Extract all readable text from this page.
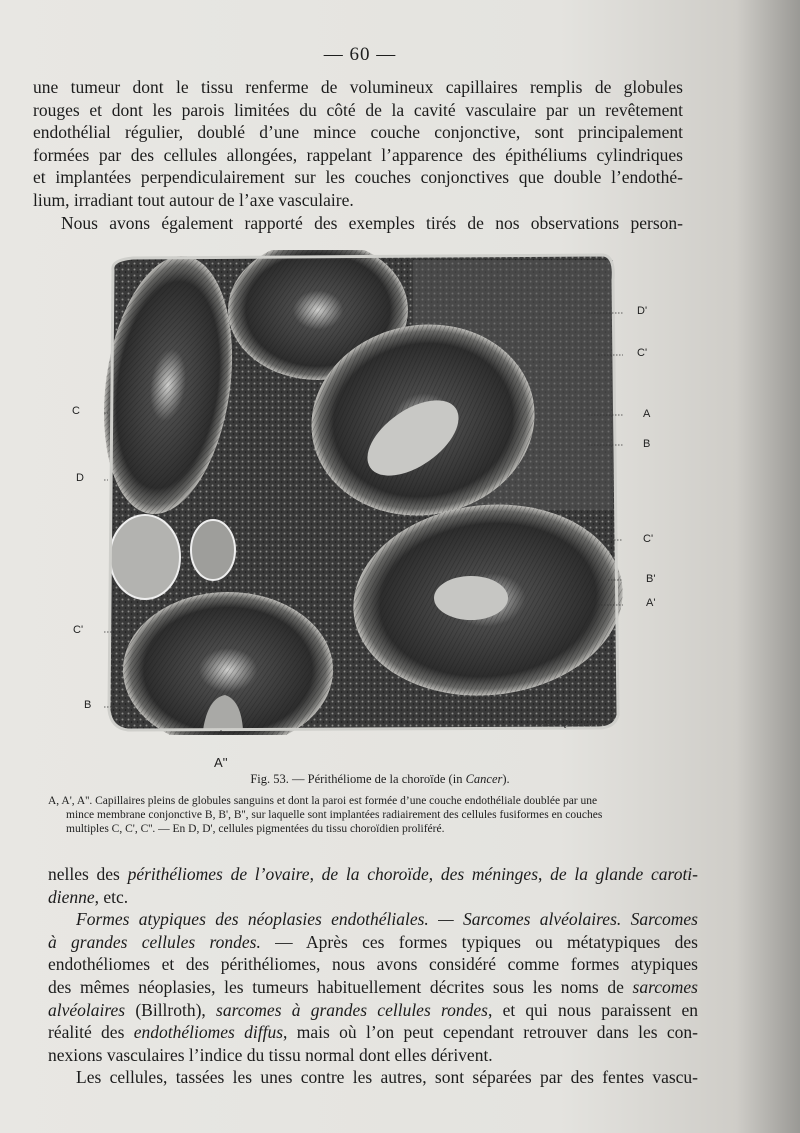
— 60 —
une tumeur dont le tissu renferme de volumineux capillaires remplis de globules
rouges et dont les parois limitées du côté de la cavité vasculaire par un revêtement
endothélial régulier, doublé d’une mince couche conjonctive, sont principalement
formées par des cellules allongées, rappelant l’apparence des épithéliums cylindriques
et implantées perpendiculairement sur les couches conjonctives que double l’endothé-
lium, irradiant tout autour de l’axe vasculaire.
Nous avons également rapporté des exemples tirés de nos observations person-
D'
C'
A
B
C'
B'
A'
C
D
C'
B
A''
A.COQUELIN.
Fig. 53. — Périthéliome de la choroïde (in Cancer).
A, A', A''. Capillaires pleins de globules sanguins et dont la paroi est formée d’une couche endothéliale doublée par une
mince membrane conjonctive B, B', B'', sur laquelle sont implantées radiairement des cellules fusiformes en couches
multiples C, C', C''. — En D, D', cellules pigmentées du tissu choroïdien proliféré.
nelles des périthéliomes de l’ovaire, de la choroïde, des méninges, de la glande caroti-
dienne, etc.
Formes atypiques des néoplasies endothéliales. — Sarcomes alvéolaires. Sarcomes
à grandes cellules rondes. — Après ces formes typiques ou métatypiques des
endothéliomes et des périthéliomes, nous avons considéré comme formes atypiques
des mêmes néoplasies, les tumeurs habituellement décrites sous les noms de sarcomes
alvéolaires (Billroth), sarcomes à grandes cellules rondes, et qui nous paraissent en
réalité des endothéliomes diffus, mais où l’on peut cependant retrouver dans les con-
nexions vasculaires l’indice du tissu normal dont elles dérivent.
Les cellules, tassées les unes contre les autres, sont séparées par des fentes vascu-
